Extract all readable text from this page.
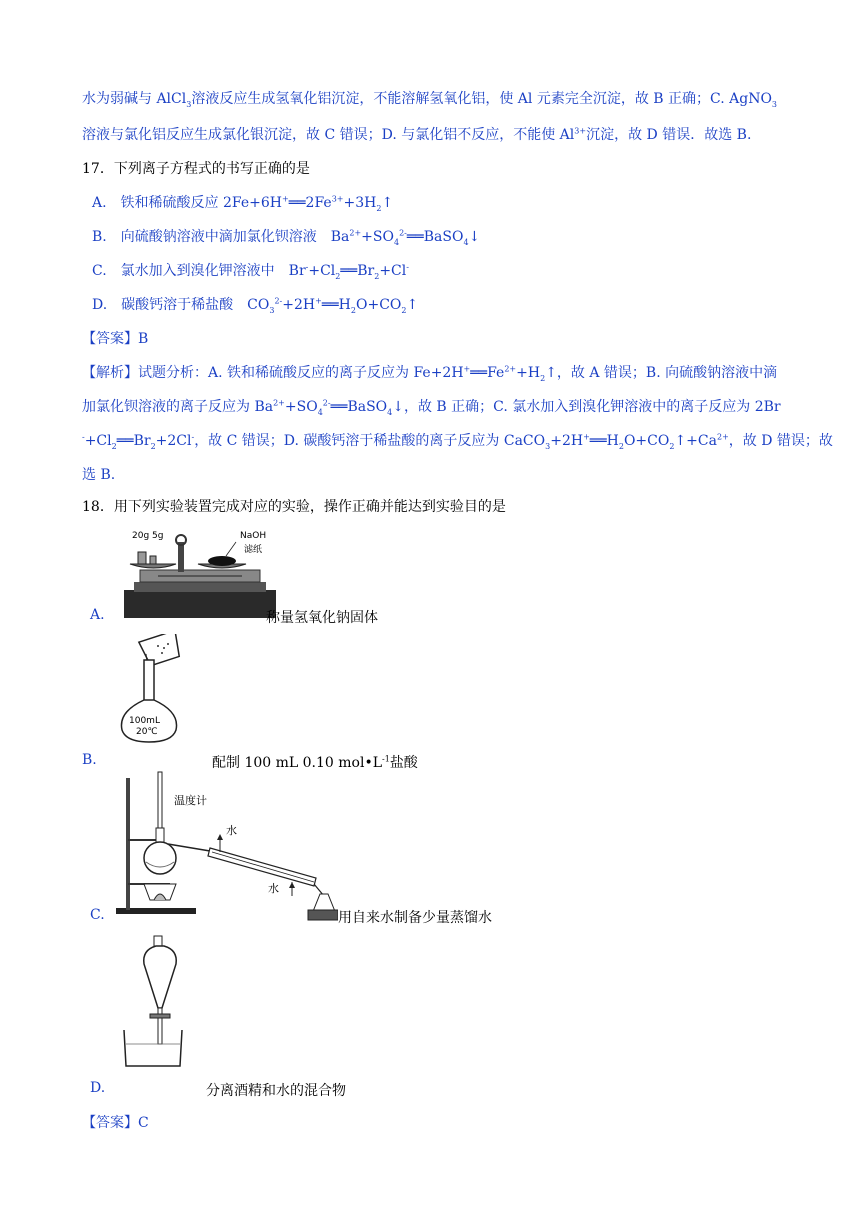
水为弱碱与 AlCl$_3$溶液反应生成氢氧化铝沉淀，不能溶解氢氧化铝，使 Al 元素完全沉淀，故 B 正确；C. AgNO$_3$
溶液与氯化铝反应生成氯化银沉淀，故 C 错误；D. 与氯化铝不反应，不能使 $Al^{3+}$沉淀，故 D 错误．故选 B.
17．下列离子方程式的书写正确的是
A.　铁和稀硫酸反应 $2Fe+6H^+══2Fe^{3+}+3H_2↑$
B.　向硫酸钠溶液中滴加氯化钡溶液　$Ba^{2+}+SO_4^{2-}══BaSO_4↓$
C.　氯水加入到溴化钾溶液中　$Br^-+Cl_2══Br_2+Cl^-$
D.　碳酸钙溶于稀盐酸　$CO_3^{2-}+2H^+══H_2O+CO_2↑$
【答案】B
【解析】试题分析：A. 铁和稀硫酸反应的离子反应为 $Fe+2H^+══Fe^{2+}+H_2↑$，故 A 错误；B. 向硫酸钠溶液中滴
加氯化钡溶液的离子反应为 $Ba^{2+}+SO_4^{2-}══BaSO_4↓$，故 B 正确；C. 氯水加入到溴化钾溶液中的离子反应为 2Br
$^-+Cl_2══Br_2+2Cl^-$，故 C 错误；D. 碳酸钙溶于稀盐酸的离子反应为 $CaCO_3+2H^+══H_2O+CO_2↑+Ca^{2+}$，故 D 错误；故
选 B.
18．用下列实验装置完成对应的实验，操作正确并能达到实验目的是
20g 5g	NaOH
滤纸
A.	称量氢氧化钠固体
100mL
20℃
B.	配制 100 mL 0.10 $mol•L^{-1}$盐酸
水
水
温度计
C.	用自来水制备少量蒸馏水
D.	分离酒精和水的混合物
【答案】C
